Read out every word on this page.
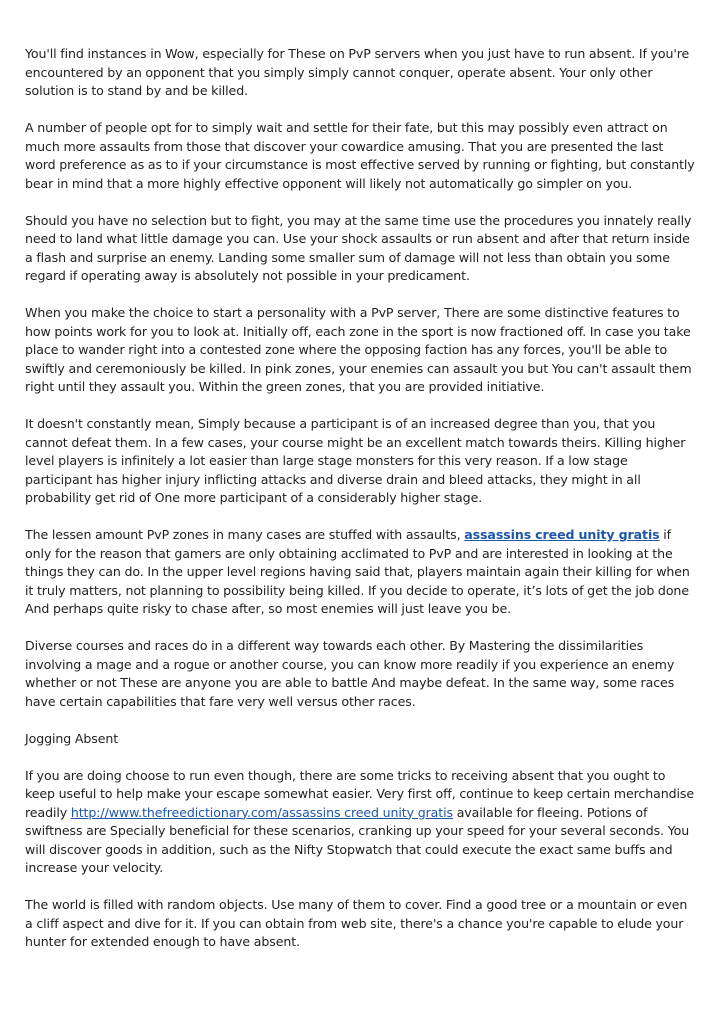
You'll find instances in Wow, especially for These on PvP servers when you just have to run absent. If you're encountered by an opponent that you simply simply cannot conquer, operate absent. Your only other solution is to stand by and be killed.

A number of people opt for to simply wait and settle for their fate, but this may possibly even attract on much more assaults from those that discover your cowardice amusing. That you are presented the last word preference as as to if your circumstance is most effective served by running or fighting, but constantly bear in mind that a more highly effective opponent will likely not automatically go simpler on you.

Should you have no selection but to fight, you may at the same time use the procedures you innately really need to land what little damage you can. Use your shock assaults or run absent and after that return inside a flash and surprise an enemy. Landing some smaller sum of damage will not less than obtain you some regard if operating away is absolutely not possible in your predicament.

When you make the choice to start a personality with a PvP server, There are some distinctive features to how points work for you to look at. Initially off, each zone in the sport is now fractioned off. In case you take place to wander right into a contested zone where the opposing faction has any forces, you'll be able to swiftly and ceremoniously be killed. In pink zones, your enemies can assault you but You can't assault them right until they assault you. Within the green zones, that you are provided initiative.

It doesn't constantly mean, Simply because a participant is of an increased degree than you, that you cannot defeat them. In a few cases, your course might be an excellent match towards theirs. Killing higher level players is infinitely a lot easier than large stage monsters for this very reason. If a low stage participant has higher injury inflicting attacks and diverse drain and bleed attacks, they might in all probability get rid of One more participant of a considerably higher stage.

The lessen amount PvP zones in many cases are stuffed with assaults, assassins creed unity gratis if only for the reason that gamers are only obtaining acclimated to PvP and are interested in looking at the things they can do. In the upper level regions having said that, players maintain again their killing for when it truly matters, not planning to possibility being killed. If you decide to operate, it’s lots of get the job done And perhaps quite risky to chase after, so most enemies will just leave you be.

Diverse courses and races do in a different way towards each other. By Mastering the dissimilarities involving a mage and a rogue or another course, you can know more readily if you experience an enemy whether or not These are anyone you are able to battle And maybe defeat. In the same way, some races have certain capabilities that fare very well versus other races.

Jogging Absent

If you are doing choose to run even though, there are some tricks to receiving absent that you ought to keep useful to help make your escape somewhat easier. Very first off, continue to keep certain merchandise readily http://www.thefreedictionary.com/assassins creed unity gratis available for fleeing. Potions of swiftness are Specially beneficial for these scenarios, cranking up your speed for your several seconds. You will discover goods in addition, such as the Nifty Stopwatch that could execute the exact same buffs and increase your velocity.

The world is filled with random objects. Use many of them to cover. Find a good tree or a mountain or even a cliff aspect and dive for it. If you can obtain from web site, there's a chance you're capable to elude your hunter for extended enough to have absent.
